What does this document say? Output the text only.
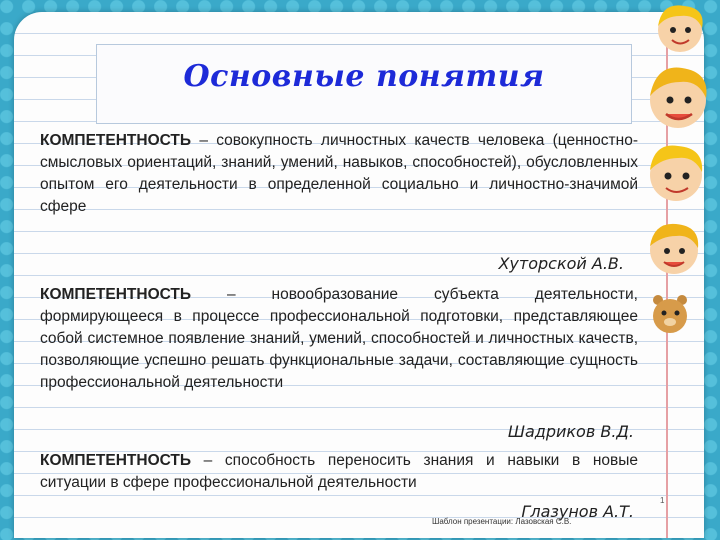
Основные понятия
КОМПЕТЕНТНОСТЬ – совокупность личностных качеств человека (ценностно-смысловых ориентаций, знаний, умений, навыков, способностей), обусловленных опытом его деятельности в определенной социально и личностно-значимой сфере
Хуторской А.В.
КОМПЕТЕНТНОСТЬ – новообразование субъекта деятельности, формирующееся в процессе профессиональной подготовки, представляющее собой системное появление знаний, умений, способностей и личностных качеств, позволяющие успешно решать функциональные задачи, составляющие сущность профессиональной деятельности
Шадриков В.Д.
КОМПЕТЕНТНОСТЬ – способность переносить знания и навыки в новые ситуации в сфере профессиональной деятельности
Глазунов А.Т.
Шаблон презентации: Лазовская С.В.
1
